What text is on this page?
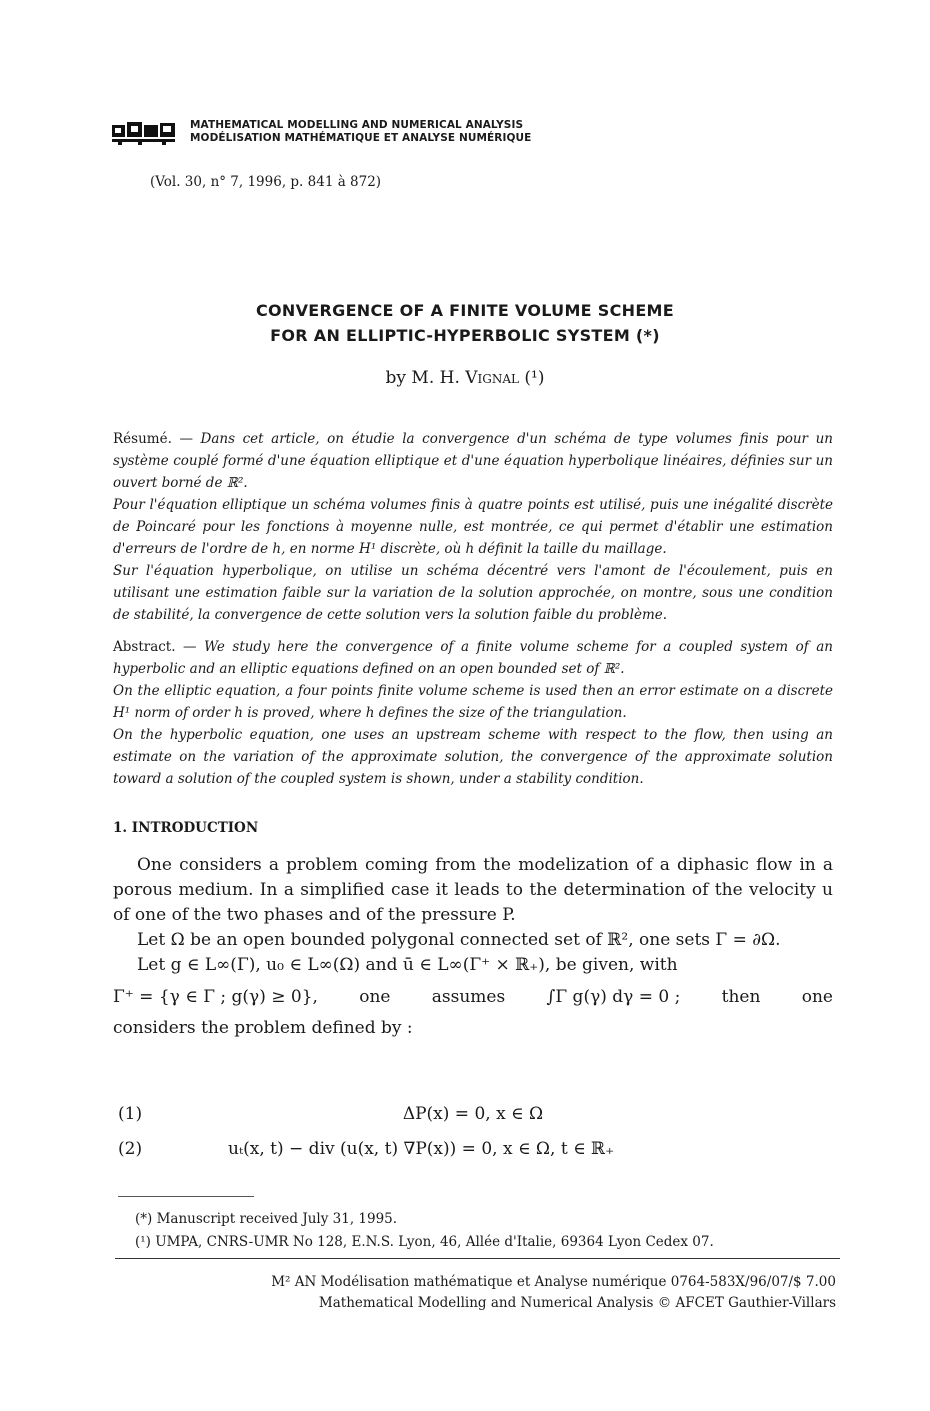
MATHEMATICAL MODELLING AND NUMERICAL ANALYSIS
MODÉLISATION MATHÉMATIQUE ET ANALYSE NUMÉRIQUE
(Vol. 30, n° 7, 1996, p. 841 à 872)
CONVERGENCE OF A FINITE VOLUME SCHEME
FOR AN ELLIPTIC-HYPERBOLIC SYSTEM (*)
by M. H. Vignal (¹)

Résumé. — Dans cet article, on étudie la convergence d'un schéma de type volumes finis pour un système couplé formé d'une équation elliptique et d'une équation hyperbolique linéaires, définies sur un ouvert borné de ℝ².

Pour l'équation elliptique un schéma volumes finis à quatre points est utilisé, puis une inégalité discrète de Poincaré pour les fonctions à moyenne nulle, est montrée, ce qui permet d'établir une estimation d'erreurs de l'ordre de h, en norme H¹ discrète, où h définit la taille du maillage.

Sur l'équation hyperbolique, on utilise un schéma décentré vers l'amont de l'écoulement, puis en utilisant une estimation faible sur la variation de la solution approchée, on montre, sous une condition de stabilité, la convergence de cette solution vers la solution faible du problème.

Abstract. — We study here the convergence of a finite volume scheme for a coupled system of an hyperbolic and an elliptic equations defined on an open bounded set of ℝ².

On the elliptic equation, a four points finite volume scheme is used then an error estimate on a discrete H¹ norm of order h is proved, where h defines the size of the triangulation.

On the hyperbolic equation, one uses an upstream scheme with respect to the flow, then using an estimate on the variation of the approximate solution, the convergence of the approximate solution toward a solution of the coupled system is shown, under a stability condition.

1. INTRODUCTION

One considers a problem coming from the modelization of a diphasic flow in a porous medium. In a simplified case it leads to the determination of the velocity u of one of the two phases and of the pressure P.

Let Ω be an open bounded polygonal connected set of ℝ², one sets Γ = ∂Ω.

Let g ∈ L∞(Γ), u₀ ∈ L∞(Ω) and ū ∈ L∞(Γ⁺ × ℝ₊), be given, with

Γ⁺ = {γ ∈ Γ ; g(γ) ≥ 0}, one assumes ∫Γ g(γ) dγ = 0 ; then one

considers the problem defined by :

(1)	ΔP(x) = 0, x ∈ Ω
(2)	uₜ(x, t) − div (u(x, t) ∇P(x)) = 0, x ∈ Ω, t ∈ ℝ₊
(*) Manuscript received July 31, 1995.
(¹) UMPA, CNRS-UMR No 128, E.N.S. Lyon, 46, Allée d'Italie, 69364 Lyon Cedex 07.
M² AN Modélisation mathématique et Analyse numérique 0764-583X/96/07/$ 7.00
Mathematical Modelling and Numerical Analysis © AFCET Gauthier-Villars
